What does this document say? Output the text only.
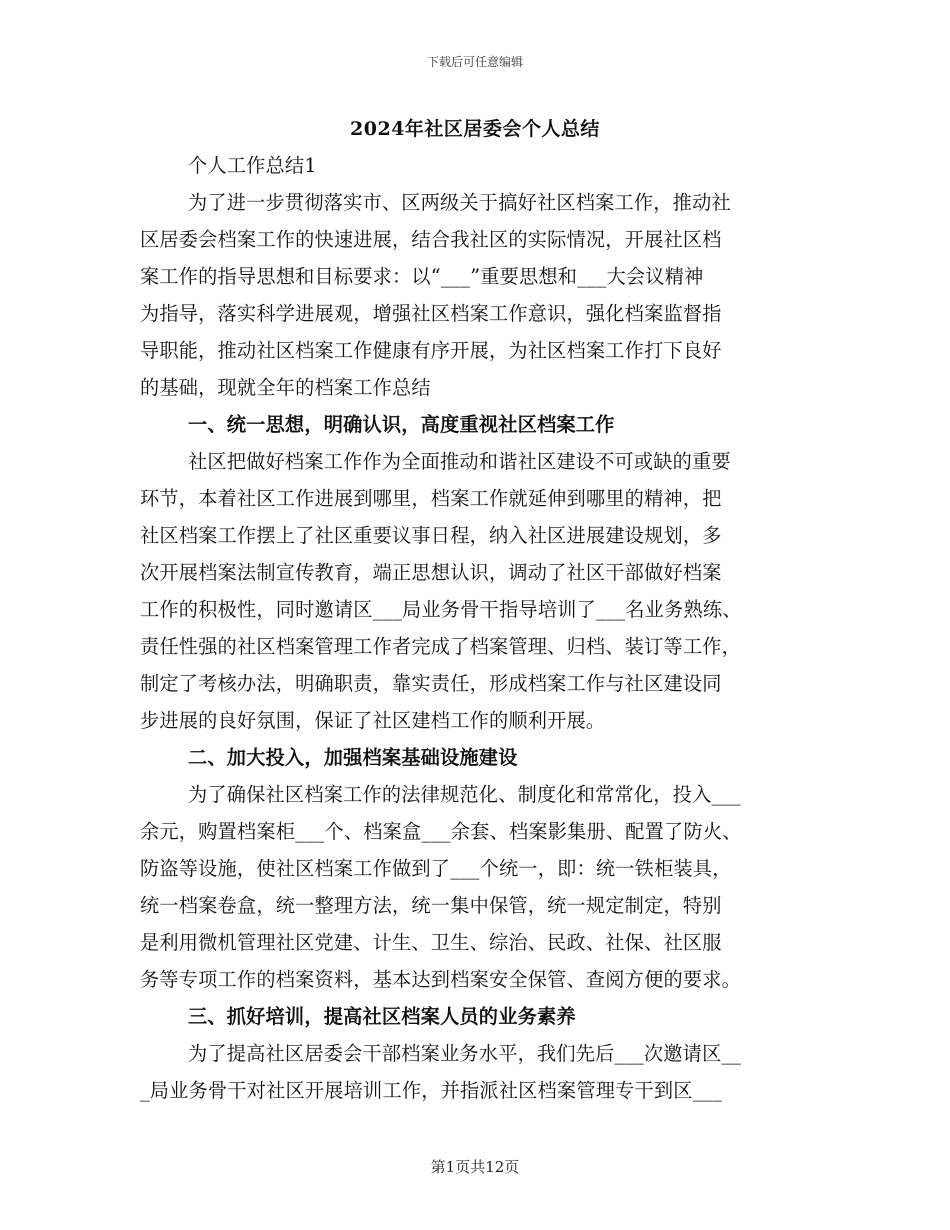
下载后可任意编辑
2024年社区居委会个人总结
个人工作总结1
为了进一步贯彻落实市、区两级关于搞好社区档案工作，推动社
区居委会档案工作的快速进展，结合我社区的实际情况，开展社区档
案工作的指导思想和目标要求：以“___”重要思想和___大会议精神
为指导，落实科学进展观，增强社区档案工作意识，强化档案监督指
导职能，推动社区档案工作健康有序开展，为社区档案工作打下良好
的基础，现就全年的档案工作总结
一、统一思想，明确认识，高度重视社区档案工作
社区把做好档案工作作为全面推动和谐社区建设不可或缺的重要
环节，本着社区工作进展到哪里，档案工作就延伸到哪里的精神，把
社区档案工作摆上了社区重要议事日程，纳入社区进展建设规划，多
次开展档案法制宣传教育，端正思想认识，调动了社区干部做好档案
工作的积极性，同时邀请区___局业务骨干指导培训了___名业务熟练、
责任性强的社区档案管理工作者完成了档案管理、归档、装订等工作，
制定了考核办法，明确职责，靠实责任，形成档案工作与社区建设同
步进展的良好氛围，保证了社区建档工作的顺利开展。
二、加大投入，加强档案基础设施建设
为了确保社区档案工作的法律规范化、制度化和常常化，投入___
余元，购置档案柜___个、档案盒___余套、档案影集册、配置了防火、
防盗等设施，使社区档案工作做到了___个统一，即：统一铁柜装具，
统一档案卷盒，统一整理方法，统一集中保管，统一规定制定，特别
是利用微机管理社区党建、计生、卫生、综治、民政、社保、社区服
务等专项工作的档案资料，基本达到档案安全保管、查阅方便的要求。
三、抓好培训，提高社区档案人员的业务素养
为了提高社区居委会干部档案业务水平，我们先后___次邀请区__
_局业务骨干对社区开展培训工作，并指派社区档案管理专干到区___
第1页共12页
